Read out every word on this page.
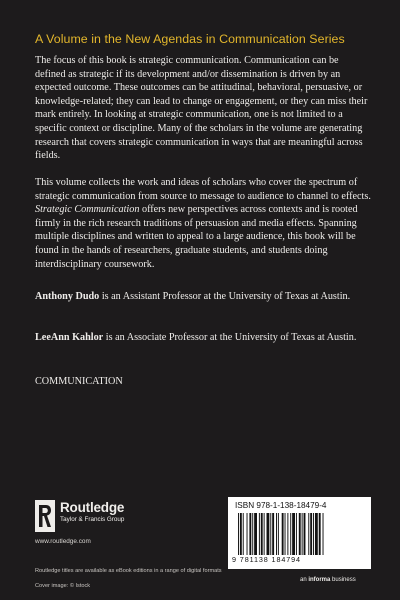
A Volume in the New Agendas in Communication Series

The focus of this book is strategic communication. Communication can be defined as strategic if its development and/or dissemination is driven by an expected outcome. These outcomes can be attitudinal, behavioral, persuasive, or knowledge-related; they can lead to change or engagement, or they can miss their mark entirely. In looking at strategic communication, one is not limited to a specific context or discipline. Many of the scholars in the volume are generating research that covers strategic communication in ways that are meaningful across fields.

This volume collects the work and ideas of scholars who cover the spectrum of strategic communication from source to message to audience to channel to effects. Strategic Communication offers new perspectives across contexts and is rooted firmly in the rich research traditions of persuasion and media effects. Spanning multiple disciplines and written to appeal to a large audience, this book will be found in the hands of researchers, graduate students, and students doing interdisciplinary coursework.

Anthony Dudo is an Assistant Professor at the University of Texas at Austin.

LeeAnn Kahlor is an Associate Professor at the University of Texas at Austin.

COMMUNICATION
Routledge
Taylor & Francis Group
www.routledge.com
Routledge titles are available as eBook editions in a range of digital formats
Cover image: © Istock
ISBN 978-1-138-18479-4
9 781138 184794
an informa business
